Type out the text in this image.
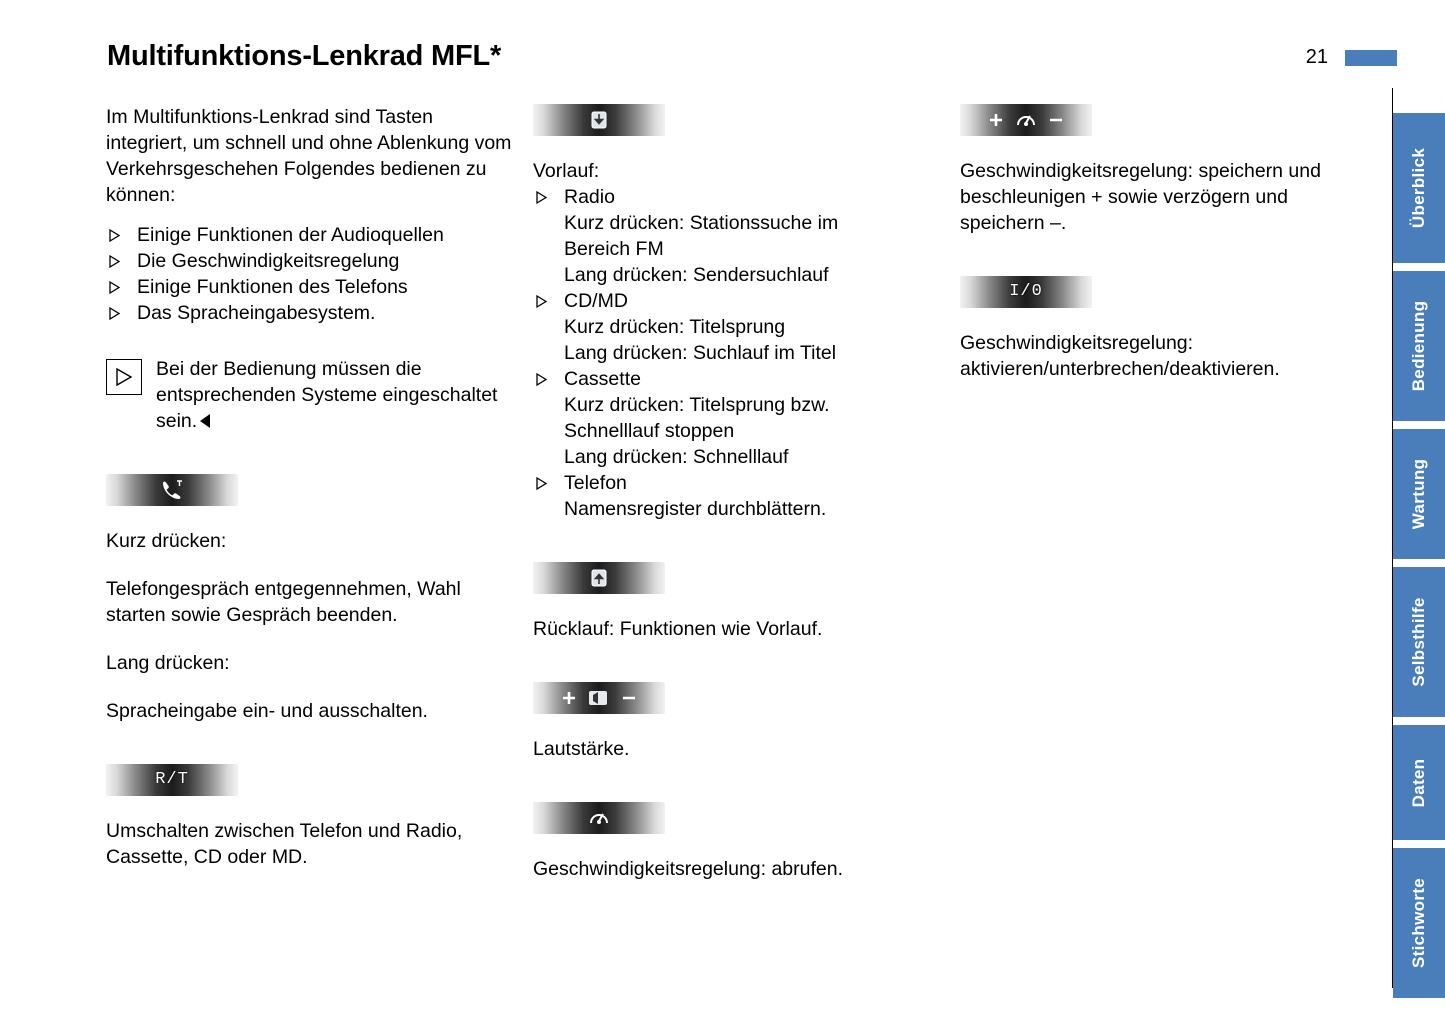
Multifunktions-Lenkrad MFL*	21

Im Multifunktions-Lenkrad sind Tasten integriert, um schnell und ohne Ablenkung vom Verkehrsgeschehen Folgendes bedienen zu können:

Einige Funktionen der Audioquellen
Die Geschwindigkeitsregelung
Einige Funktionen des Telefons
Das Spracheingabesystem.
Bei der Bedienung müssen die entsprechenden Systeme eingeschaltet sein.

Kurz drücken:

Telefongespräch entgegennehmen, Wahl starten sowie Gespräch beenden.

Lang drücken:

Spracheingabe ein- und ausschalten.

R/T

Umschalten zwischen Telefon und Radio, Cassette, CD oder MD.

Vorlauf:

Radio
Kurz drücken: Stationssuche im
Bereich FM
Lang drücken: Sendersuchlauf
CD/MD
Kurz drücken: Titelsprung
Lang drücken: Suchlauf im Titel
Cassette
Kurz drücken: Titelsprung bzw.
Schnelllauf stoppen
Lang drücken: Schnelllauf
Telefon
Namensregister durchblättern.

Rücklauf: Funktionen wie Vorlauf.

Lautstärke.

Geschwindigkeitsregelung: abrufen.

Geschwindigkeitsregelung: speichern und beschleunigen + sowie verzögern und speichern –.

I/0

Geschwindigkeitsregelung: aktivieren/unterbrechen/deaktivieren.

Überblick
Bedienung
Wartung
Selbsthilfe
Daten
Stichworte
